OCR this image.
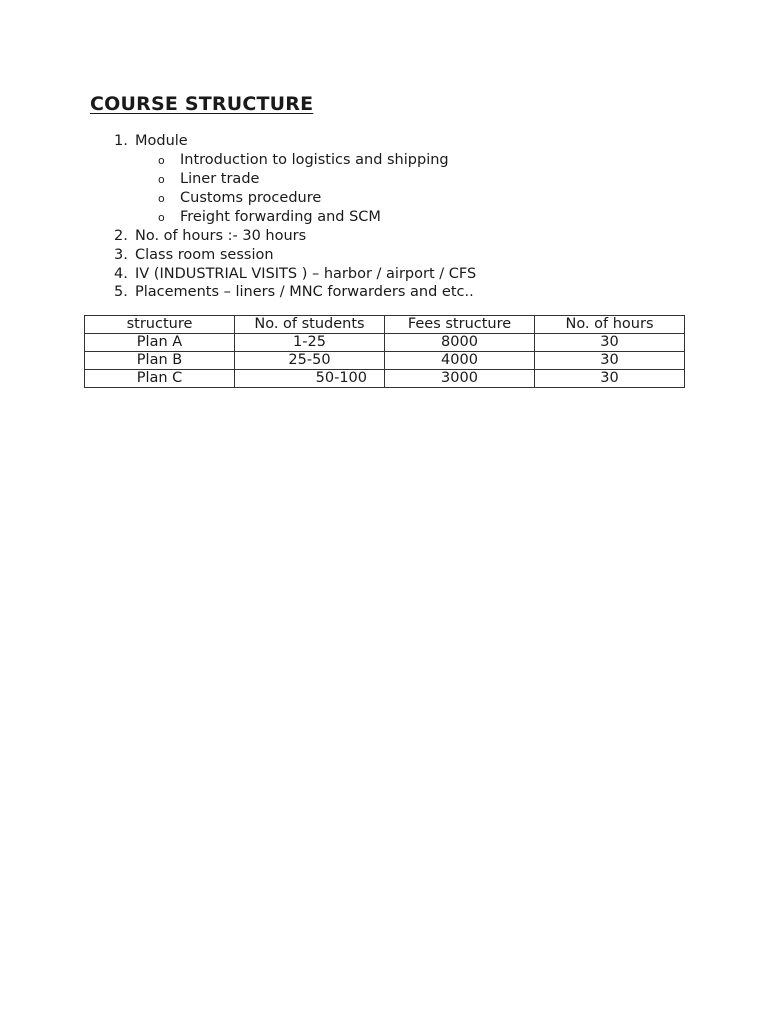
COURSE STRUCTURE
1. Module
o Introduction to logistics and shipping
o Liner trade
o Customs procedure
o Freight forwarding and SCM
2. No. of hours :- 30 hours
3. Class room session
4. IV (INDUSTRIAL VISITS ) – harbor / airport / CFS
5. Placements – liners / MNC forwarders and etc..
structure	No. of students	Fees structure	No. of hours
Plan A	1-25	8000	30
Plan B	25-50	4000	30
Plan C	50-100	3000	30
